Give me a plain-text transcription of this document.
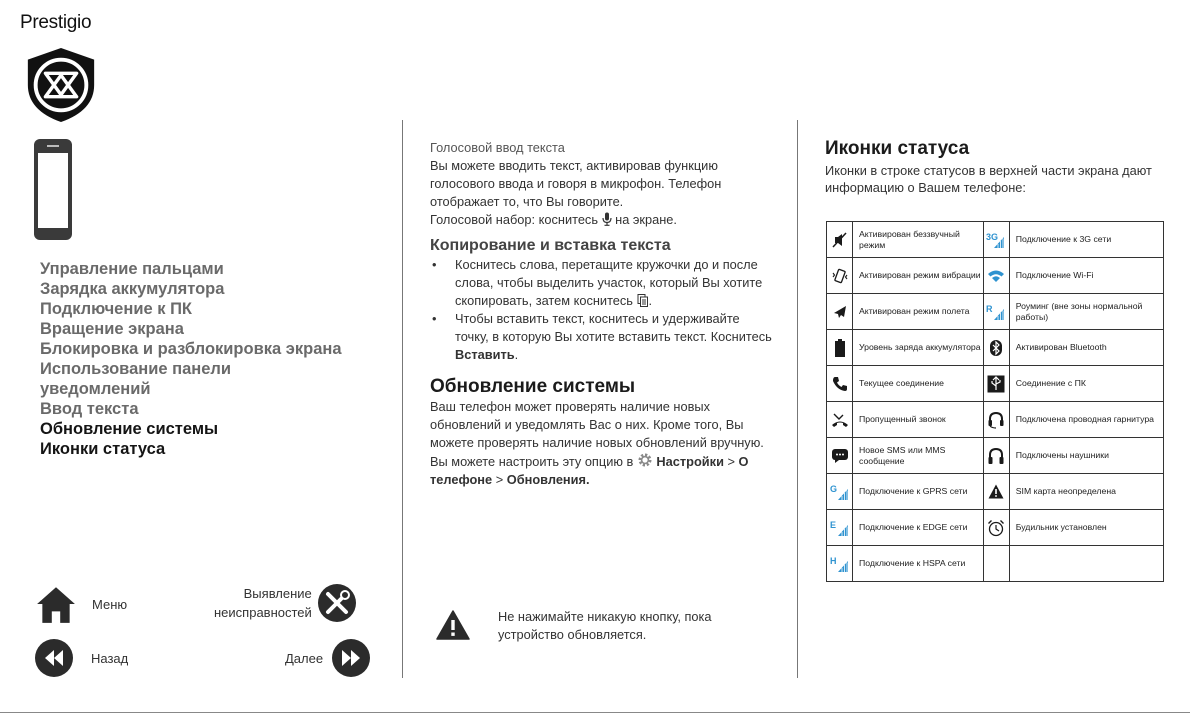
Prestigio
Управление пальцами
Зарядка аккумулятора
Подключение к ПК
Вращение экрана
Блокировка и разблокировка экрана
Использование панели
уведомлений
Ввод текста
Обновление системы
Иконки статуса
Меню
Выявление
неисправностей
Назад	Далее
Голосовой ввод текста
Вы можете вводить текст, активировав функцию голосового ввода и говоря в микрофон. Телефон отображает то, что Вы говорите.
Голосовой набор: коснитесь на экране.
Копирование и вставка текста
• Коснитесь слова, перетащите кружочки до и после слова, чтобы выделить участок, который Вы хотите скопировать, затем коснитесь .
• Чтобы вставить текст, коснитесь и удерживайте точку, в которую Вы хотите вставить текст. Коснитесь Вставить.
Обновление системы
Ваш телефон может проверять наличие новых обновлений и уведомлять Вас о них. Кроме того, Вы можете проверять наличие новых обновлений вручную. Вы можете настроить эту опцию в Настройки > О телефоне > Обновления.
Не нажимайте никакую кнопку, пока устройство обновляется.
Иконки статуса
Иконки в строке статусов в верхней части экрана дают информацию о Вашем телефоне:
	Активирован беззвучный режим	3G	Подключение к 3G сети

	Активирован режим вибрации		Подключение Wi-Fi

	Активирован режим полета	R	Роуминг (вне зоны нормальной работы)

	Уровень заряда аккумулятора		Активирован Bluetooth

	Текущее соединение		Соединение с ПК

	Пропущенный звонок		Подключена проводная гарнитура

	Новое SMS или MMS сообщение		Подключены наушники

G	Подключение к GPRS сети		SIM карта неопределена

E	Подключение к EDGE сети		Будильник установлен

H	Подключение к HSPA сети		
